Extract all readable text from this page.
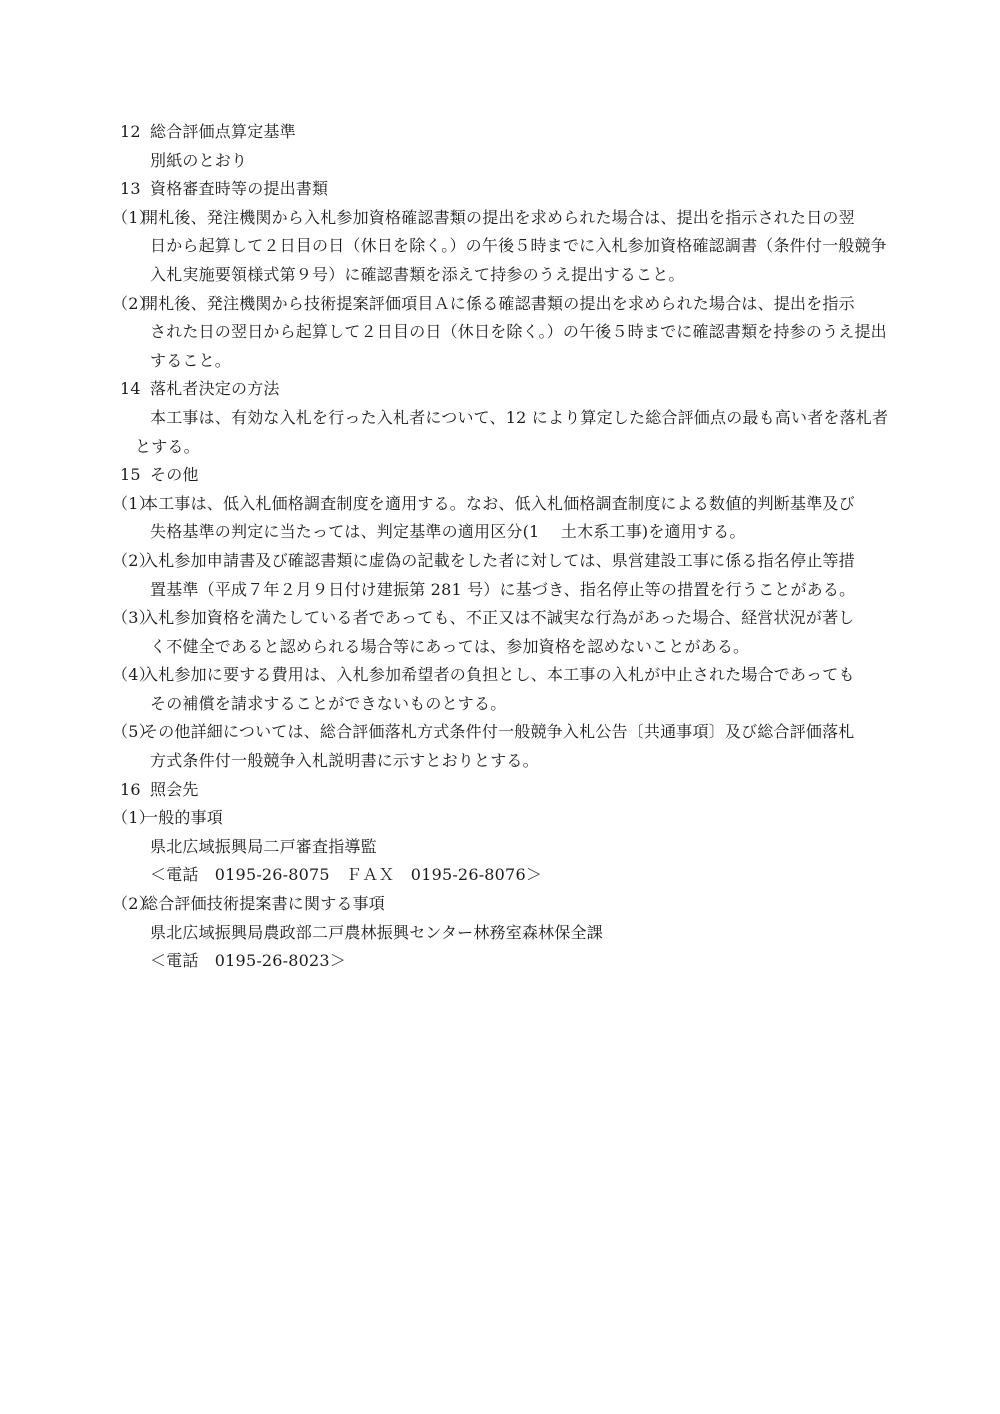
12 総合評価点算定基準
別紙のとおり
13 資格審査時等の提出書類
（1）開札後、発注機関から入札参加資格確認書類の提出を求められた場合は、提出を指示された日の翌
日から起算して２日目の日（休日を除く。）の午後５時までに入札参加資格確認調書（条件付一般競争
入札実施要領様式第９号）に確認書類を添えて持参のうえ提出すること。
（2）開札後、発注機関から技術提案評価項目Ａに係る確認書類の提出を求められた場合は、提出を指示
された日の翌日から起算して２日目の日（休日を除く。）の午後５時までに確認書類を持参のうえ提出
すること。
14 落札者決定の方法
本工事は、有効な入札を行った入札者について、12 により算定した総合評価点の最も高い者を落札者
とする。
15 その他
（1）本工事は、低入札価格調査制度を適用する。なお、低入札価格調査制度による数値的判断基準及び
失格基準の判定に当たっては、判定基準の適用区分(1　 土木系工事)を適用する。
（2）入札参加申請書及び確認書類に虚偽の記載をした者に対しては、県営建設工事に係る指名停止等措
置基準（平成７年２月９日付け建振第 281 号）に基づき、指名停止等の措置を行うことがある。
（3）入札参加資格を満たしている者であっても、不正又は不誠実な行為があった場合、経営状況が著し
く不健全であると認められる場合等にあっては、参加資格を認めないことがある。
（4）入札参加に要する費用は、入札参加希望者の負担とし、本工事の入札が中止された場合であっても
その補償を請求することができないものとする。
（5）その他詳細については、総合評価落札方式条件付一般競争入札公告〔共通事項〕及び総合評価落札
方式条件付一般競争入札説明書に示すとおりとする。
16 照会先
（1）一般的事項
県北広域振興局二戸審査指導監
＜電話　0195-26-8075　ＦＡＸ　0195-26-8076＞
（2）総合評価技術提案書に関する事項
県北広域振興局農政部二戸農林振興センター林務室森林保全課
＜電話　0195-26-8023＞
